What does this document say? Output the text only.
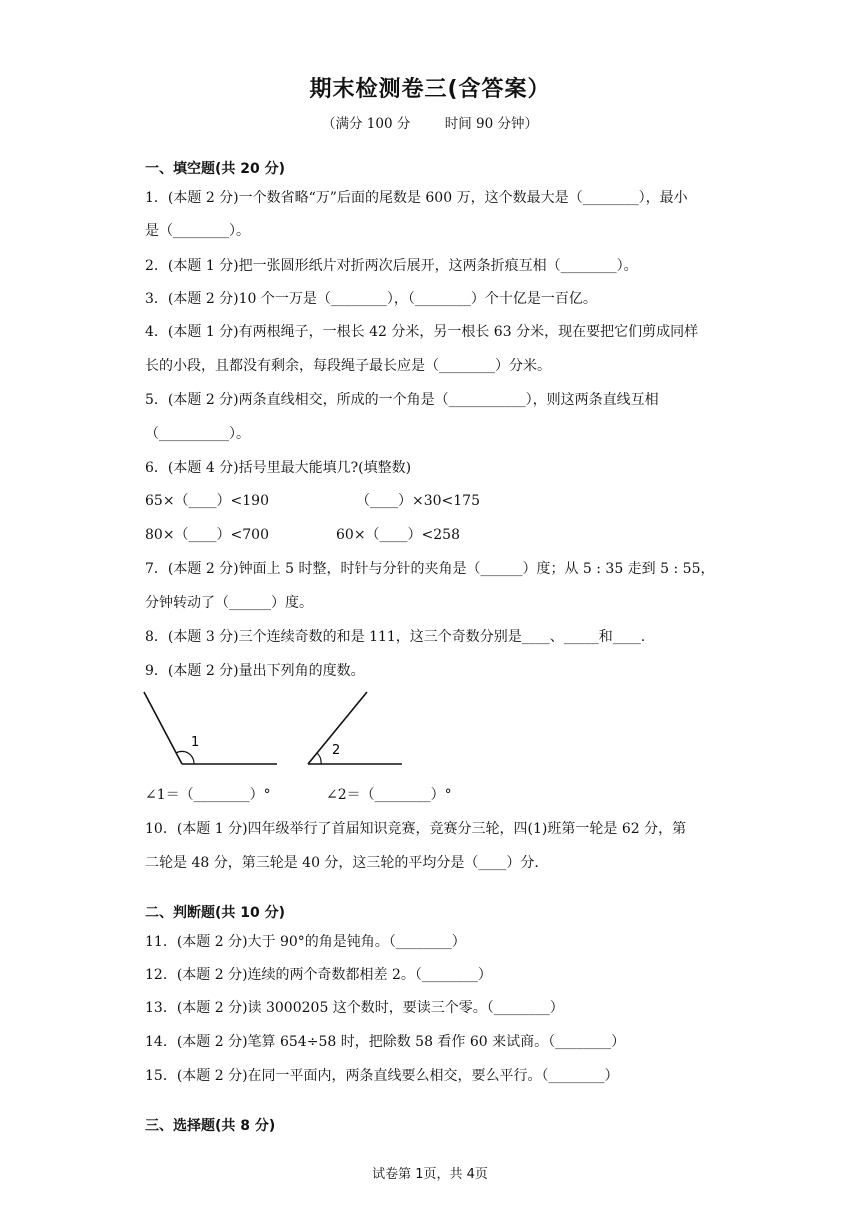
期末检测卷三(含答案）
（满分 100 分        时间 90 分钟）
一、填空题(共 20 分)
1．(本题 2 分)一个数省略“万”后面的尾数是 600 万，这个数最大是（________），最小
是（________）。
2．(本题 1 分)把一张圆形纸片对折两次后展开，这两条折痕互相（________）。
3．(本题 2 分)10 个一万是（________），（________）个十亿是一百亿。
4．(本题 1 分)有两根绳子，一根长 42 分米，另一根长 63 分米，现在要把它们剪成同样
长的小段，且都没有剩余，每段绳子最长应是（________）分米。
5．(本题 2 分)两条直线相交，所成的一个角是（___________），则这两条直线互相
（__________）。
6．(本题 4 分)括号里最大能填几?(填整数)
65×（____）<190	（____）×30<175
80×（____）<700	60×（____）<258
7．(本题 2 分)钟面上 5 时整，时针与分针的夹角是（______）度；从 5 : 35 走到 5 : 55，
分钟转动了（______）度。
8．(本题 3 分)三个连续奇数的和是 111，这三个奇数分别是____、_____和____.
9．(本题 2 分)量出下列角的度数。
1
2
∠1＝（________）°	∠2＝（________）°
10．(本题 1 分)四年级举行了首届知识竞赛，竞赛分三轮，四(1)班第一轮是 62 分，第
二轮是 48 分，第三轮是 40 分，这三轮的平均分是（____）分.
二、判断题(共 10 分)
11．(本题 2 分)大于 90°的角是钝角。（________）
12．(本题 2 分)连续的两个奇数都相差 2。（________）
13．(本题 2 分)读 3000205 这个数时，要读三个零。（________）
14．(本题 2 分)笔算 654÷58 时，把除数 58 看作 60 来试商。（________）
15．(本题 2 分)在同一平面内，两条直线要么相交，要么平行。（________）
三、选择题(共 8 分)
试卷第 1页，共 4页
